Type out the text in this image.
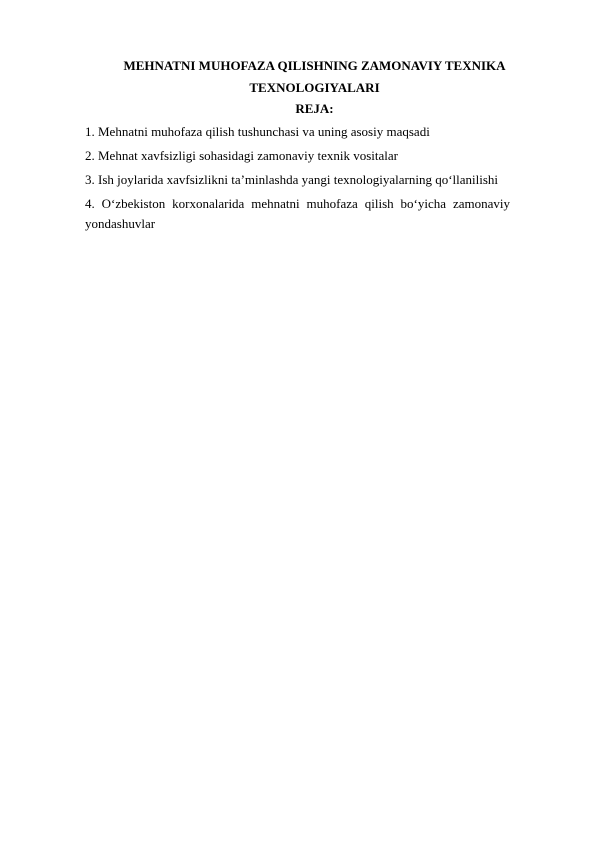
MEHNATNI MUHOFAZA QILISHNING ZAMONAVIY TEXNIKA
TEXNOLOGIYALARI

REJA:

1. Mehnatni muhofaza qilish tushunchasi va uning asosiy maqsadi
2. Mehnat xavfsizligi sohasidagi zamonaviy texnik vositalar
3. Ish joylarida xavfsizlikni ta’minlashda yangi texnologiyalarning qo‘llanilishi
4. O‘zbekiston korxonalarida mehnatni muhofaza qilish bo‘yicha zamonaviy yondashuvlar
